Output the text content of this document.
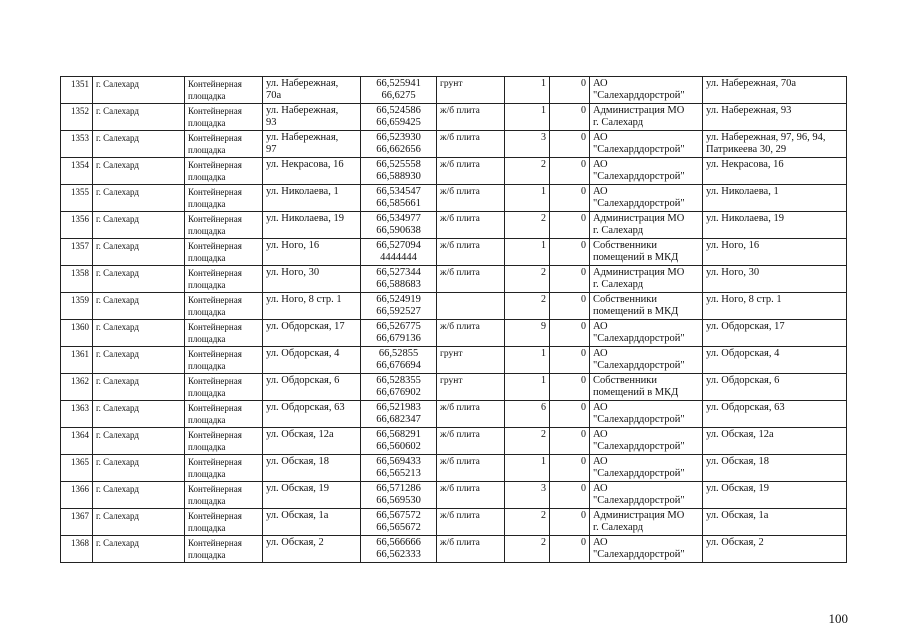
1351	г. Салехард	Контейнерная
площадка	ул. Набережная,
70а	66,525941
66,6275	грунт	1	0	АО
"Салехарддорстрой"	ул. Набережная, 70а

1352	г. Салехард	Контейнерная
площадка	ул. Набережная,
93	66,524586
66,659425	ж/б плита	1	0	Администрация МО
г. Салехард	ул. Набережная, 93

1353	г. Салехард	Контейнерная
площадка	ул. Набережная,
97	66,523930
66,662656	ж/б плита	3	0	АО
"Салехарддорстрой"	ул. Набережная, 97, 96, 94,
Патрикеева 30, 29

1354	г. Салехард	Контейнерная
площадка	ул. Некрасова, 16	66,525558
66,588930	ж/б плита	2	0	АО
"Салехарддорстрой"	ул. Некрасова, 16

1355	г. Салехард	Контейнерная
площадка	ул. Николаева, 1	66,534547
66,585661	ж/б плита	1	0	АО
"Салехарддорстрой"	ул. Николаева, 1

1356	г. Салехард	Контейнерная
площадка	ул. Николаева, 19	66,534977
66,590638	ж/б плита	2	0	Администрация МО
г. Салехард	ул. Николаева, 19

1357	г. Салехард	Контейнерная
площадка	ул. Ного, 16	66,527094
4444444	ж/б плита	1	0	Собственники
помещений в МКД	ул. Ного, 16

1358	г. Салехард	Контейнерная
площадка	ул. Ного, 30	66,527344
66,588683	ж/б плита	2	0	Администрация МО
г. Салехард	ул. Ного, 30

1359	г. Салехард	Контейнерная
площадка	ул. Ного, 8 стр. 1	66,524919
66,592527		2	0	Собственники
помещений в МКД	ул. Ного, 8 стр. 1

1360	г. Салехард	Контейнерная
площадка	ул. Обдорская, 17	66,526775
66,679136	ж/б плита	9	0	АО
"Салехарддорстрой"	ул. Обдорская, 17

1361	г. Салехард	Контейнерная
площадка	ул. Обдорская, 4	66,52855
66,676694	грунт	1	0	АО
"Салехарддорстрой"	ул. Обдорская, 4

1362	г. Салехард	Контейнерная
площадка	ул. Обдорская, 6	66,528355
66,676902	грунт	1	0	Собственники
помещений в МКД	ул. Обдорская, 6

1363	г. Салехард	Контейнерная
площадка	ул. Обдорская, 63	66,521983
66,682347	ж/б плита	6	0	АО
"Салехарддорстрой"	ул. Обдорская, 63

1364	г. Салехард	Контейнерная
площадка	ул. Обская, 12а	66,568291
66,560602	ж/б плита	2	0	АО
"Салехарддорстрой"	ул. Обская, 12а

1365	г. Салехард	Контейнерная
площадка	ул. Обская, 18	66,569433
66,565213	ж/б плита	1	0	АО
"Салехарддорстрой"	ул. Обская, 18

1366	г. Салехард	Контейнерная
площадка	ул. Обская, 19	66,571286
66,569530	ж/б плита	3	0	АО
"Салехарддорстрой"	ул. Обская, 19

1367	г. Салехард	Контейнерная
площадка	ул. Обская, 1а	66,567572
66,565672	ж/б плита	2	0	Администрация МО
г. Салехард	ул. Обская, 1а

1368	г. Салехард	Контейнерная
площадка	ул. Обская, 2	66,566666
66,562333	ж/б плита	2	0	АО
"Салехарддорстрой"	ул. Обская, 2
100
